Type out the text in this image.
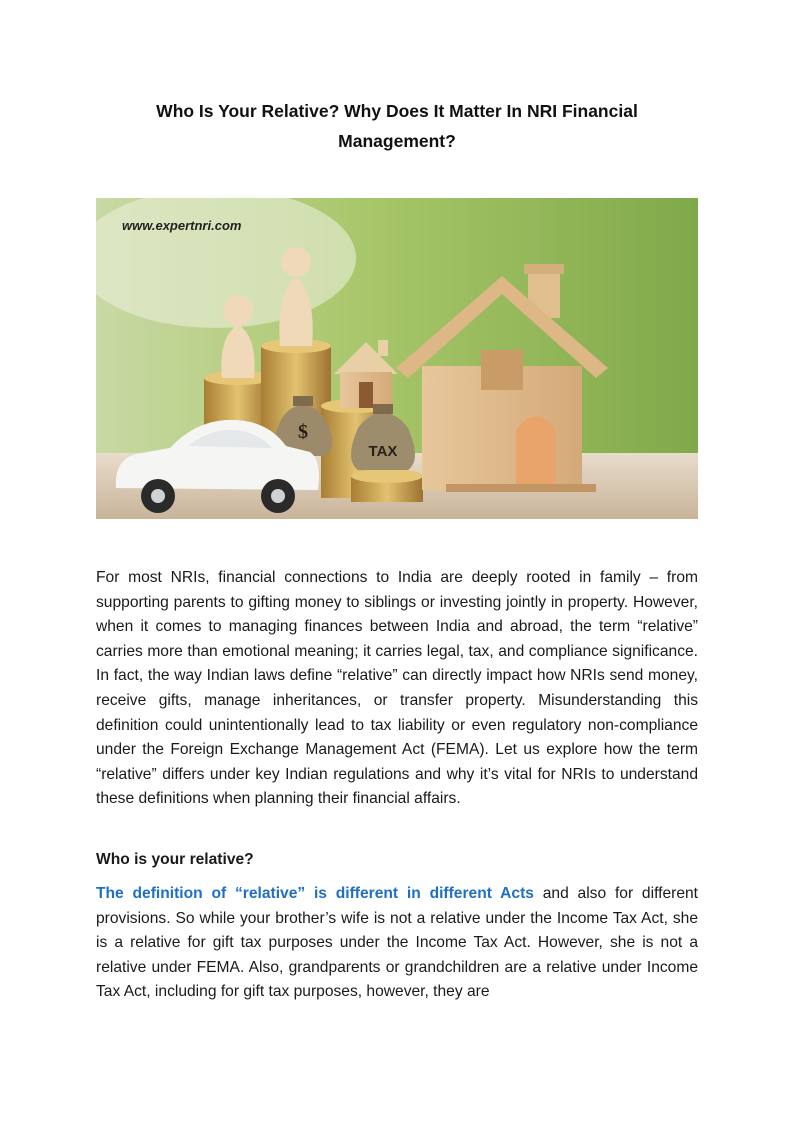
Who Is Your Relative? Why Does It Matter In NRI Financial Management?
www.expertnri.com
$
TAX
For most NRIs, financial connections to India are deeply rooted in family – from supporting parents to gifting money to siblings or investing jointly in property. However, when it comes to managing finances between India and abroad, the term “relative” carries more than emotional meaning; it carries legal, tax, and compliance significance. In fact, the way Indian laws define “relative” can directly impact how NRIs send money, receive gifts, manage inheritances, or transfer property. Misunderstanding this definition could unintentionally lead to tax liability or even regulatory non-compliance under the Foreign Exchange Management Act (FEMA). Let us explore how the term “relative” differs under key Indian regulations and why it’s vital for NRIs to understand these definitions when planning their financial affairs.
Who is your relative?
The definition of “relative” is different in different Acts and also for different provisions. So while your brother’s wife is not a relative under the Income Tax Act, she is a relative for gift tax purposes under the Income Tax Act. However, she is not a relative under FEMA. Also, grandparents or grandchildren are a relative under Income Tax Act, including for gift tax purposes, however, they are
